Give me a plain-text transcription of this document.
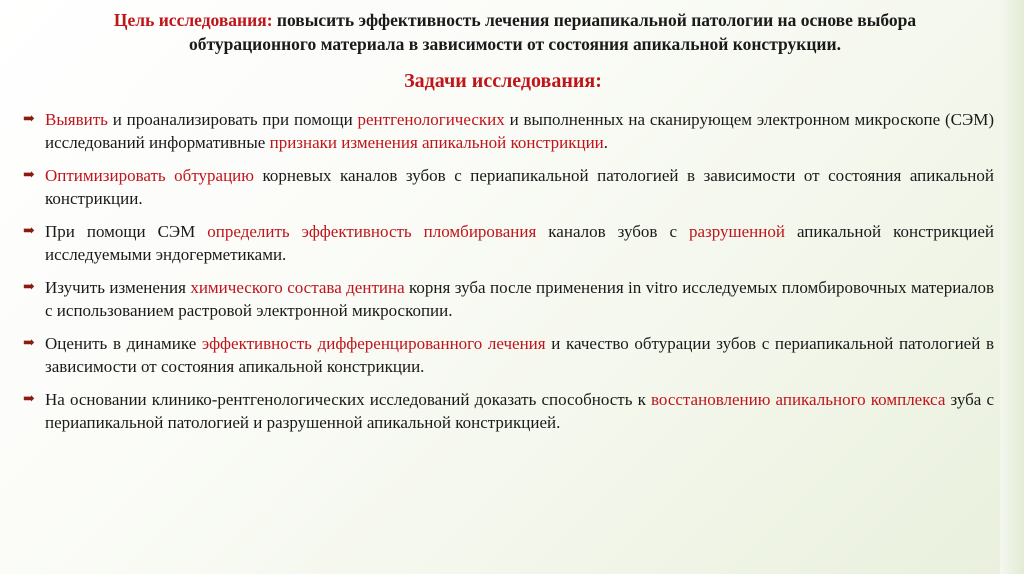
Цель исследования: повысить эффективность лечения периапикальной патологии на основе выбора обтурационного материала в зависимости от состояния апикальной конструкции.
Задачи исследования:
➡ Выявить и проанализировать при помощи рентгенологических и выполненных на сканирующем электронном микроскопе (СЭМ) исследований информативные признаки изменения апикальной констрикции.
➡ Оптимизировать обтурацию корневых каналов зубов с периапикальной патологией в зависимости от состояния апикальной констрикции.
➡ При помощи СЭМ определить эффективность пломбирования каналов зубов с разрушенной апикальной констрикцией исследуемыми эндогерметиками.
➡ Изучить изменения химического состава дентина корня зуба после применения in vitro исследуемых пломбировочных материалов с использованием растровой электронной микроскопии.
➡ Оценить в динамике эффективность дифференцированного лечения и качество обтурации зубов с периапикальной патологией в зависимости от состояния апикальной констрикции.
➡ На основании клинико-рентгенологических исследований доказать способность к восстановлению апикального комплекса зуба с периапикальной патологией и разрушенной апикальной констрикцией.
